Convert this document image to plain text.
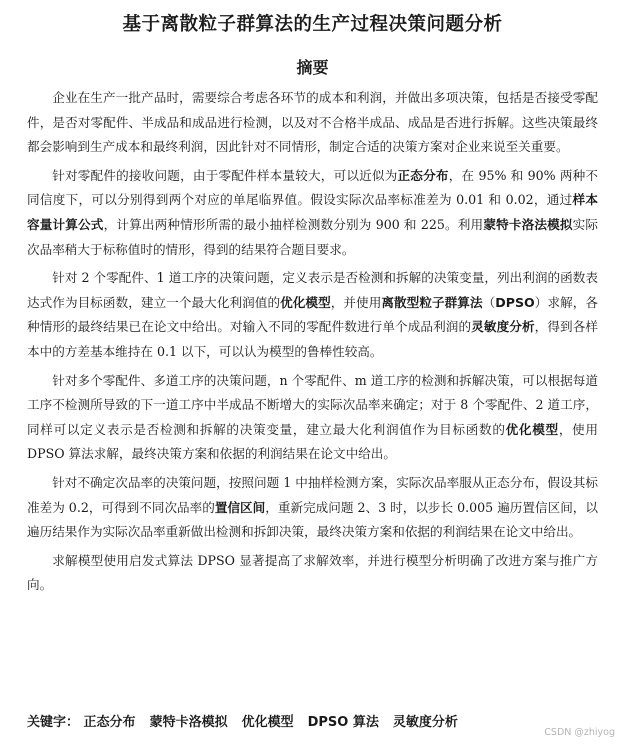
基于离散粒子群算法的生产过程决策问题分析
摘要

企业在生产一批产品时，需要综合考虑各环节的成本和利润，并做出多项决策，包括是否接受零配件，是否对零配件、半成品和成品进行检测，以及对不合格半成品、成品是否进行拆解。这些决策最终都会影响到生产成本和最终利润，因此针对不同情形，制定合适的决策方案对企业来说至关重要。

针对零配件的接收问题，由于零配件样本量较大，可以近似为正态分布，在 95% 和 90% 两种不同信度下，可以分别得到两个对应的单尾临界值。假设实际次品率标准差为 0.01 和 0.02，通过样本容量计算公式，计算出两种情形所需的最小抽样检测数分别为 900 和 225。利用蒙特卡洛法模拟实际次品率稍大于标称值时的情形，得到的结果符合题目要求。

针对 2 个零配件、1 道工序的决策问题，定义表示是否检测和拆解的决策变量，列出利润的函数表达式作为目标函数，建立一个最大化利润值的优化模型，并使用离散型粒子群算法（DPSO）求解，各种情形的最终结果已在论文中给出。对输入不同的零配件数进行单个成品利润的灵敏度分析，得到各样本中的方差基本维持在 0.1 以下，可以认为模型的鲁棒性较高。

针对多个零配件、多道工序的决策问题，n 个零配件、m 道工序的检测和拆解决策，可以根据每道工序不检测所导致的下一道工序中半成品不断增大的实际次品率来确定；对于 8 个零配件、2 道工序，同样可以定义表示是否检测和拆解的决策变量，建立最大化利润值作为目标函数的优化模型，使用 DPSO 算法求解，最终决策方案和依据的利润结果在论文中给出。

针对不确定次品率的决策问题，按照问题 1 中抽样检测方案，实际次品率服从正态分布，假设其标准差为 0.2，可得到不同次品率的置信区间，重新完成问题 2、3 时，以步长 0.005 遍历置信区间，以遍历结果作为实际次品率重新做出检测和拆卸决策，最终决策方案和依据的利润结果在论文中给出。

求解模型使用启发式算法 DPSO 显著提高了求解效率，并进行模型分析明确了改进方案与推广方向。

关键字： 正态分布 蒙特卡洛模拟 优化模型 DPSO 算法 灵敏度分析
CSDN @zhiyog
